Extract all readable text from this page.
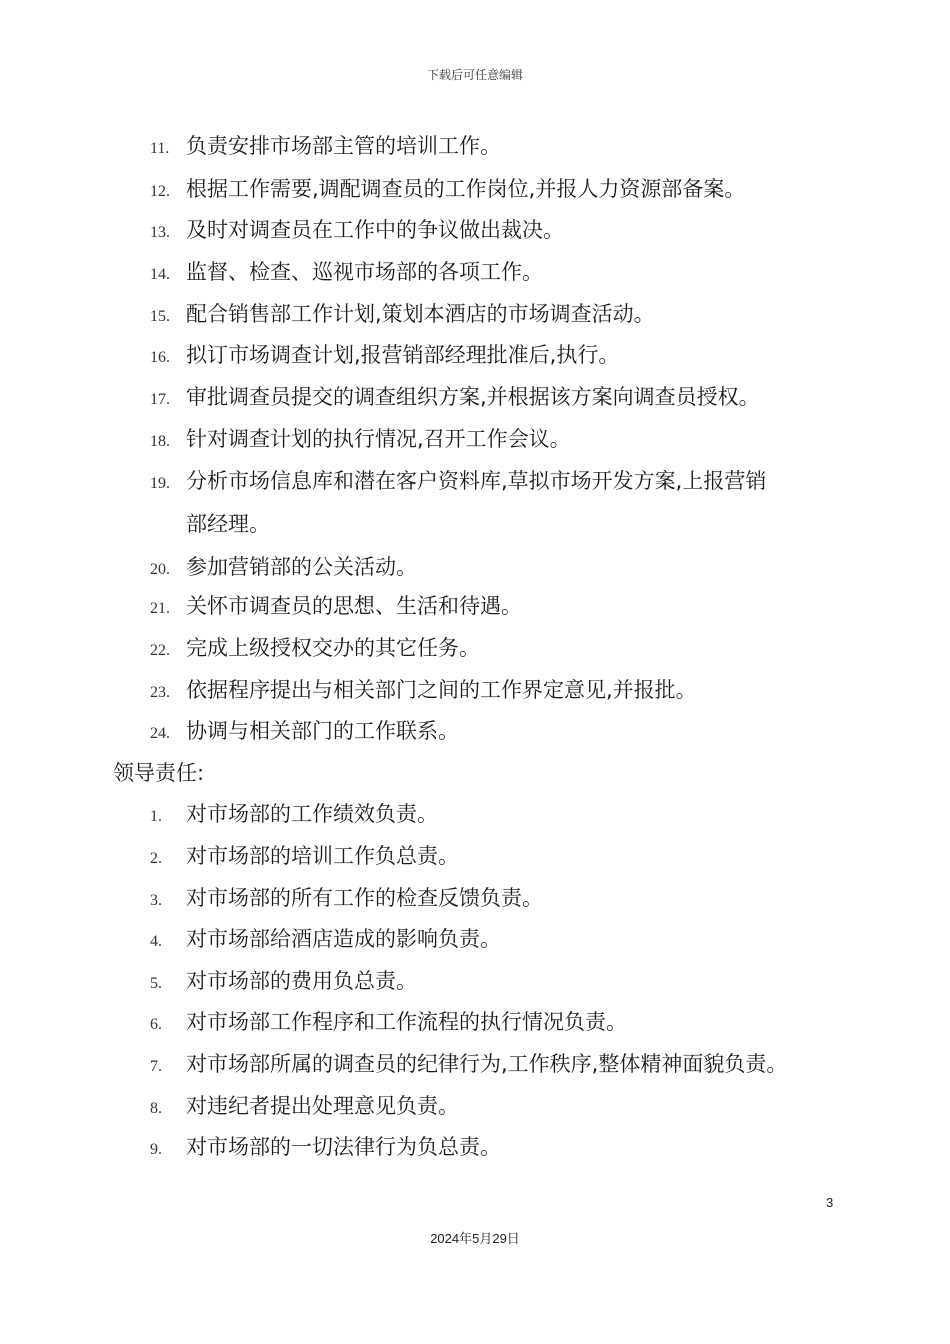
下载后可任意编辑
11. 负责安排市场部主管的培训工作。
12. 根据工作需要,调配调查员的工作岗位,并报人力资源部备案。
13. 及时对调查员在工作中的争议做出裁决。
14. 监督、检查、巡视市场部的各项工作。
15. 配合销售部工作计划,策划本酒店的市场调查活动。
16. 拟订市场调查计划,报营销部经理批准后,执行。
17. 审批调查员提交的调查组织方案,并根据该方案向调查员授权。
18. 针对调查计划的执行情况,召开工作会议。
19. 分析市场信息库和潜在客户资料库,草拟市场开发方案,上报营销
部经理。
20. 参加营销部的公关活动。
21. 关怀市调查员的思想、生活和待遇。
22. 完成上级授权交办的其它任务。
23. 依据程序提出与相关部门之间的工作界定意见,并报批。
24. 协调与相关部门的工作联系。
领导责任:
1. 对市场部的工作绩效负责。
2. 对市场部的培训工作负总责。
3. 对市场部的所有工作的检查反馈负责。
4. 对市场部给酒店造成的影响负责。
5. 对市场部的费用负总责。
6. 对市场部工作程序和工作流程的执行情况负责。
7. 对市场部所属的调查员的纪律行为,工作秩序,整体精神面貌负责。
8. 对违纪者提出处理意见负责。
9. 对市场部的一切法律行为负总责。
3
2024年5月29日
